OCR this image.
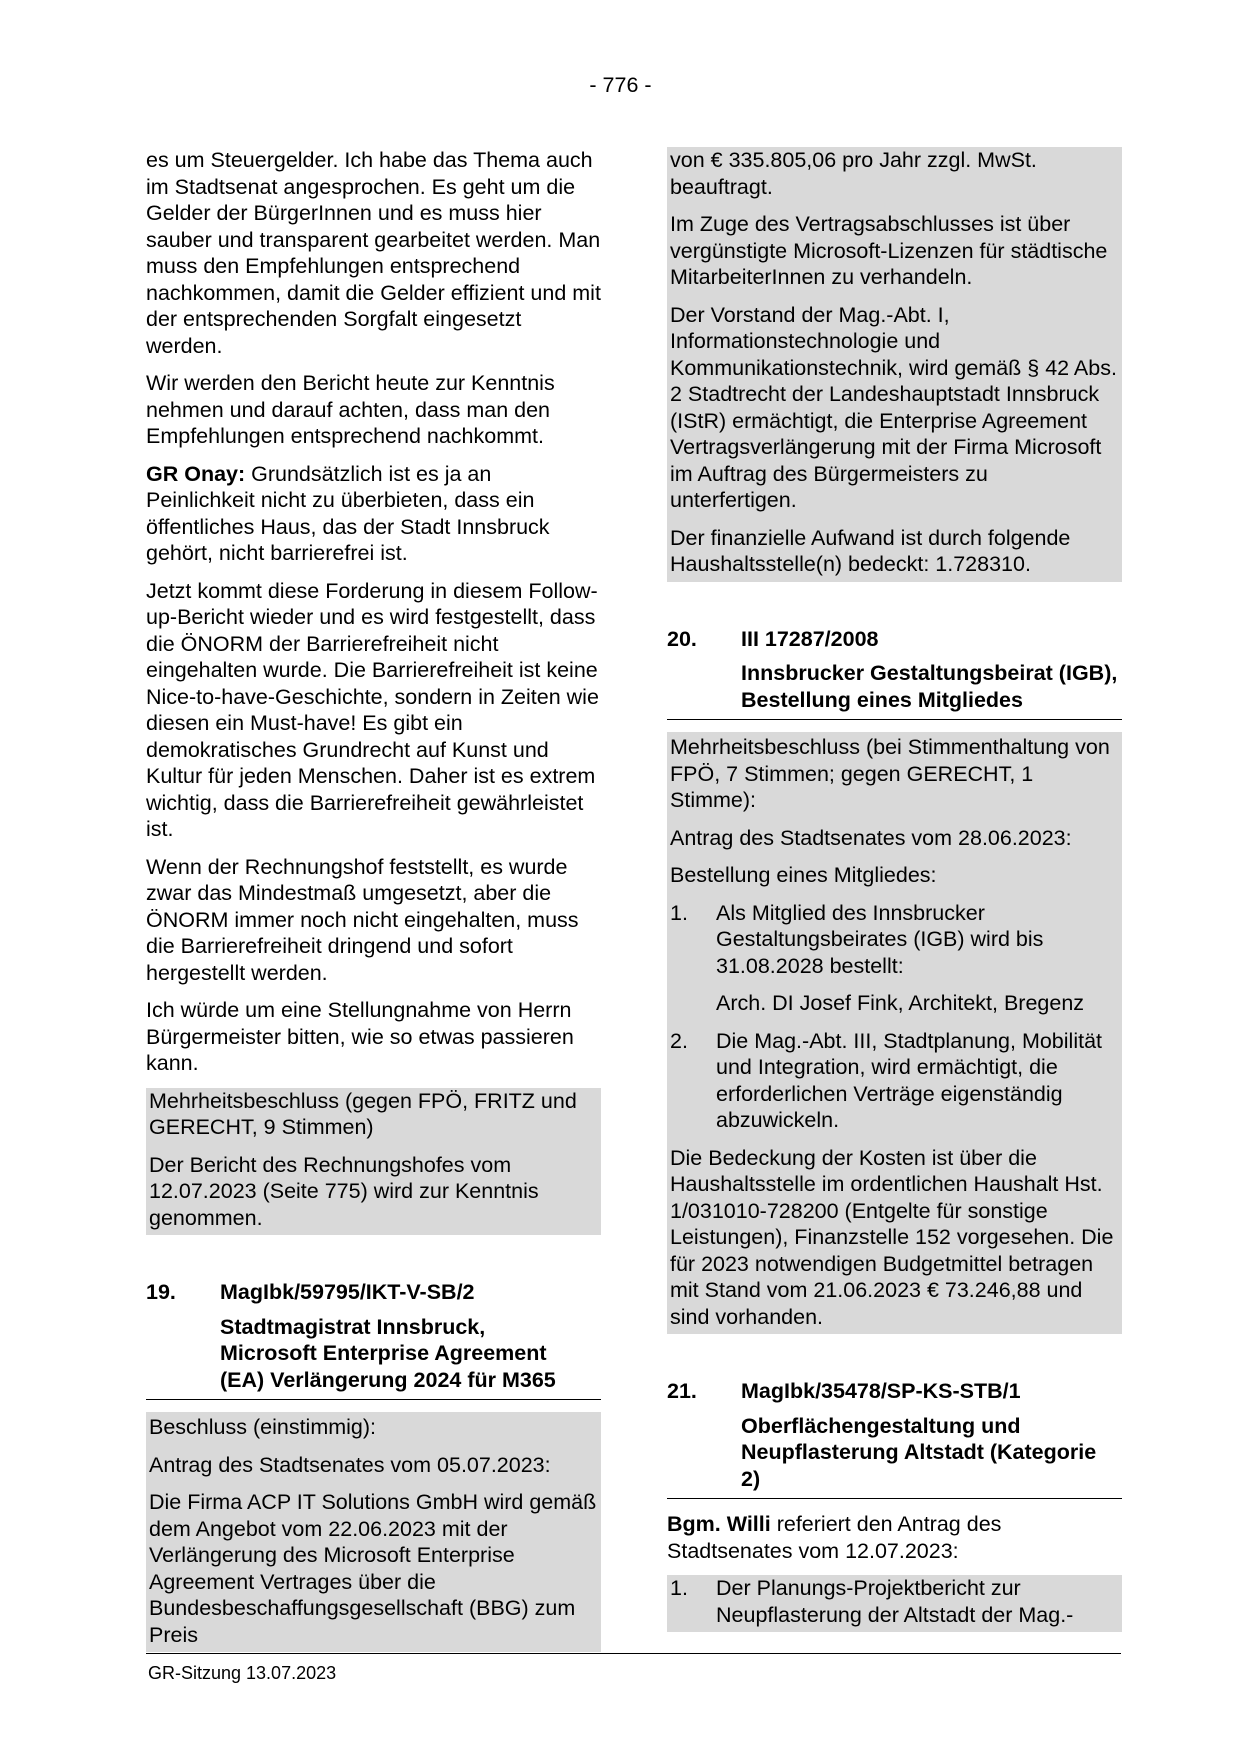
- 776 -

es um Steuergelder. Ich habe das Thema auch im Stadtsenat angesprochen. Es geht um die Gelder der BürgerInnen und es muss hier sauber und transparent gearbeitet werden. Man muss den Empfehlungen entsprechend nachkommen, damit die Gelder effizient und mit der entsprechenden Sorgfalt eingesetzt werden.

Wir werden den Bericht heute zur Kenntnis nehmen und darauf achten, dass man den Empfehlungen entsprechend nachkommt.

GR Onay: Grundsätzlich ist es ja an Peinlichkeit nicht zu überbieten, dass ein öffentliches Haus, das der Stadt Innsbruck gehört, nicht barrierefrei ist.

Jetzt kommt diese Forderung in diesem Follow-up-Bericht wieder und es wird festgestellt, dass die ÖNORM der Barrierefreiheit nicht eingehalten wurde. Die Barrierefreiheit ist keine Nice-to-have-Geschichte, sondern in Zeiten wie diesen ein Must-have! Es gibt ein demokratisches Grundrecht auf Kunst und Kultur für jeden Menschen. Daher ist es extrem wichtig, dass die Barrierefreiheit gewährleistet ist.

Wenn der Rechnungshof feststellt, es wurde zwar das Mindestmaß umgesetzt, aber die ÖNORM immer noch nicht eingehalten, muss die Barrierefreiheit dringend und sofort hergestellt werden.

Ich würde um eine Stellungnahme von Herrn Bürgermeister bitten, wie so etwas passieren kann.

Mehrheitsbeschluss (gegen FPÖ, FRITZ und GERECHT, 9 Stimmen)

Der Bericht des Rechnungshofes vom 12.07.2023 (Seite 775) wird zur Kenntnis genommen.

19.	MagIbk/59795/IKT-V-SB/2
Stadtmagistrat Innsbruck, Microsoft Enterprise Agreement (EA) Verlängerung 2024 für M365

Beschluss (einstimmig):

Antrag des Stadtsenates vom 05.07.2023:

Die Firma ACP IT Solutions GmbH wird gemäß dem Angebot vom 22.06.2023 mit der Verlängerung des Microsoft Enterprise Agreement Vertrages über die Bundesbeschaffungsgesellschaft (BBG) zum Preis

von € 335.805,06 pro Jahr zzgl. MwSt. beauftragt.

Im Zuge des Vertragsabschlusses ist über vergünstigte Microsoft-Lizenzen für städtische MitarbeiterInnen zu verhandeln.

Der Vorstand der Mag.-Abt. I, Informationstechnologie und Kommunikationstechnik, wird gemäß § 42 Abs. 2 Stadtrecht der Landeshauptstadt Innsbruck (IStR) ermächtigt, die Enterprise Agreement Vertragsverlängerung mit der Firma Microsoft im Auftrag des Bürgermeisters zu unterfertigen.

Der finanzielle Aufwand ist durch folgende Haushaltsstelle(n) bedeckt: 1.728310.

20.	III 17287/2008
Innsbrucker Gestaltungsbeirat (IGB), Bestellung eines Mitgliedes

Mehrheitsbeschluss (bei Stimmenthaltung von FPÖ, 7 Stimmen; gegen GERECHT, 1 Stimme):

Antrag des Stadtsenates vom 28.06.2023:

Bestellung eines Mitgliedes:

1.	Als Mitglied des Innsbrucker Gestaltungsbeirates (IGB) wird bis 31.08.2028 bestellt:

Arch. DI Josef Fink, Architekt, Bregenz

2.	Die Mag.-Abt. III, Stadtplanung, Mobilität und Integration, wird ermächtigt, die erforderlichen Verträge eigenständig abzuwickeln.

Die Bedeckung der Kosten ist über die Haushaltsstelle im ordentlichen Haushalt Hst. 1/031010-728200 (Entgelte für sonstige Leistungen), Finanzstelle 152 vorgesehen. Die für 2023 notwendigen Budgetmittel betragen mit Stand vom 21.06.2023 € 73.246,88 und sind vorhanden.

21.	MagIbk/35478/SP-KS-STB/1
Oberflächengestaltung und Neupflasterung Altstadt (Kategorie 2)

Bgm. Willi referiert den Antrag des Stadtsenates vom 12.07.2023:

1.	Der Planungs-Projektbericht zur Neupflasterung der Altstadt der Mag.-
GR-Sitzung 13.07.2023
